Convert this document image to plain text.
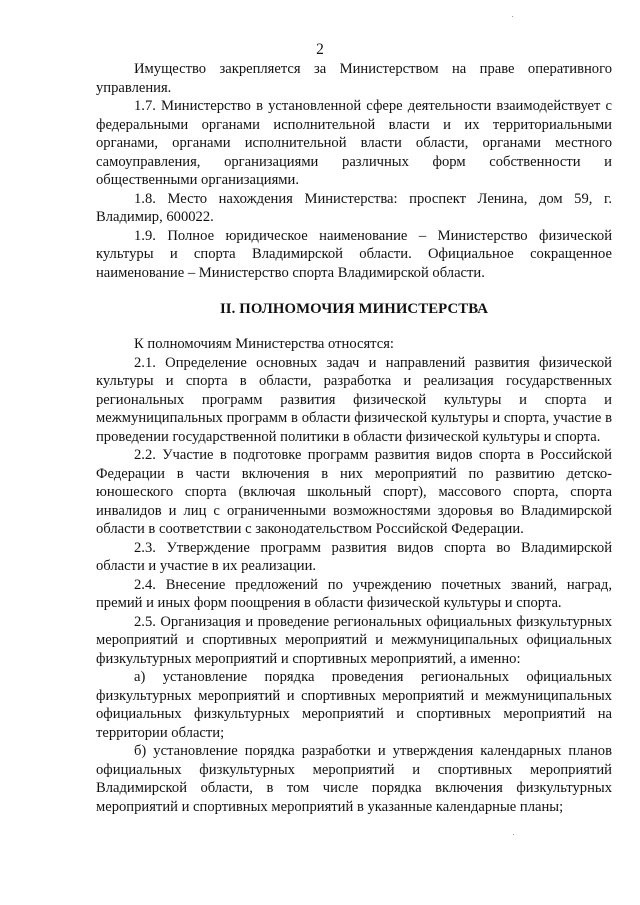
2

Имущество закрепляется за Министерством на праве оперативного управления.

1.7. Министерство в установленной сфере деятельности взаимодействует с федеральными органами исполнительной власти и их территориальными органами, органами исполнительной власти области, органами местного самоуправления, организациями различных форм собственности и общественными организациями.

1.8. Место нахождения Министерства: проспект Ленина, дом 59, г. Владимир, 600022.

1.9. Полное юридическое наименование – Министерство физической культуры и спорта Владимирской области. Официальное сокращенное наименование – Министерство спорта Владимирской области.

II. ПОЛНОМОЧИЯ МИНИСТЕРСТВА

К полномочиям Министерства относятся:

2.1. Определение основных задач и направлений развития физической культуры и спорта в области, разработка и реализация государственных региональных программ развития физической культуры и спорта и межмуниципальных программ в области физической культуры и спорта, участие в проведении государственной политики в области физической культуры и спорта.

2.2. Участие в подготовке программ развития видов спорта в Российской Федерации в части включения в них мероприятий по развитию детско-юношеского спорта (включая школьный спорт), массового спорта, спорта инвалидов и лиц с ограниченными возможностями здоровья во Владимирской области в соответствии с законодательством Российской Федерации.

2.3. Утверждение программ развития видов спорта во Владимирской области и участие в их реализации.

2.4. Внесение предложений по учреждению почетных званий, наград, премий и иных форм поощрения в области физической культуры и спорта.

2.5. Организация и проведение региональных официальных физкультурных мероприятий и спортивных мероприятий и межмуниципальных официальных физкультурных мероприятий и спортивных мероприятий, а именно:

а) установление порядка проведения региональных официальных физкультурных мероприятий и спортивных мероприятий и межмуниципальных официальных физкультурных мероприятий и спортивных мероприятий на территории области;

б) установление порядка разработки и утверждения календарных планов официальных физкультурных мероприятий и спортивных мероприятий Владимирской области, в том числе порядка включения физкультурных мероприятий и спортивных мероприятий в указанные календарные планы;
